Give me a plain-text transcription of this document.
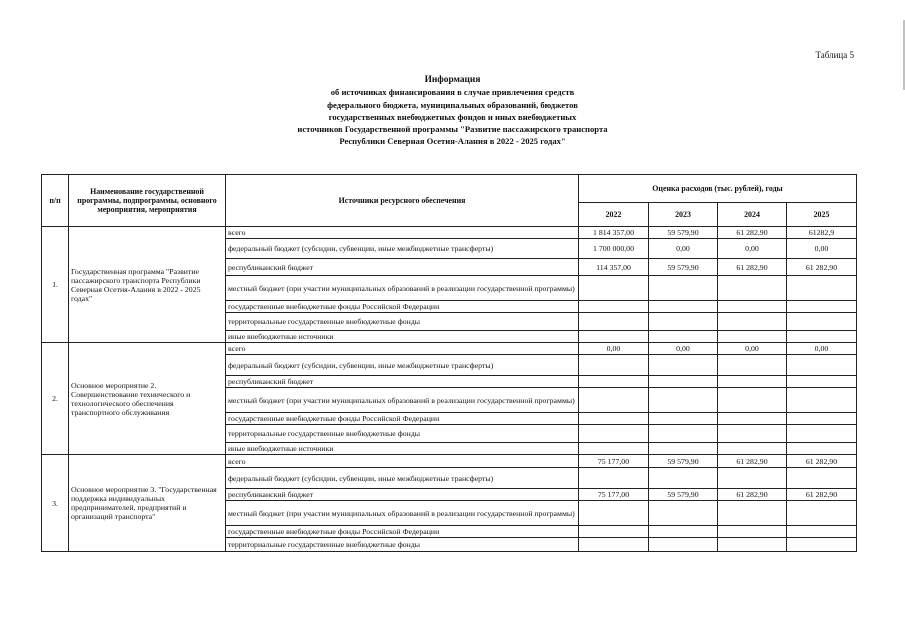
Таблица 5
Информация
об источниках финансирования в случае привлечения средств
федерального бюджета, муниципальных образований, бюджетов
государственных внебюджетных фондов и иных внебюджетных
источников Государственной программы "Развитие пассажирского транспорта
Республики Северная Осетия-Алания в 2022 - 2025 годах"
п/п	Наименование государственной программы, подпрограммы, основного мероприятия, мероприятия	Источники ресурсного обеспечения	Оценка расходов (тыс. рублей), годы			
			2022	2023	2024	2025
1.	Государственная программа "Развитие пассажирского транспорта Республики Северная Осетия-Алания в 2022 - 2025 годах"	всего	1 814 357,00	59 579,90	61 282,90	61282,9
		федеральный бюджет (субсидии, субвенции, иные межбюджетные трансферты)	1 700 000,00	0,00	0,00	0,00
		республиканский бюджет	114 357,00	59 579,90	61 282,90	61 282,90
		местный бюджет (при участии муниципальных образований в реализации государственной программы)				
		государственные внебюджетные фонды Российской Федерации				
		территориальные государственные внебюджетные фонды				
		иные внебюджетные источники				
2.	Основное мероприятие 2. Совершенствование технического и технологического обеспечения транспортного обслуживания	всего	0,00	0,00	0,00	0,00
		федеральный бюджет (субсидии, субвенции, иные межбюджетные трансферты)				
		республиканский бюджет				
		местный бюджет (при участии муниципальных образований в реализации государственной программы)				
		государственные внебюджетные фонды Российской Федерации				
		территориальные государственные внебюджетные фонды				
		иные внебюджетные источники				
3.	Основное мероприятие 3. "Государственная поддержка индивидуальных предпринимателей, предприятий и организаций транспорта"	всего	75 177,00	59 579,90	61 282,90	61 282,90
		федеральный бюджет (субсидии, субвенции, иные межбюджетные трансферты)				
		республиканский бюджет	75 177,00	59 579,90	61 282,90	61 282,90
		местный бюджет (при участии муниципальных образований в реализации государственной программы)				
		государственные внебюджетные фонды Российской Федерации				
		территориальные государственные внебюджетные фонды				
